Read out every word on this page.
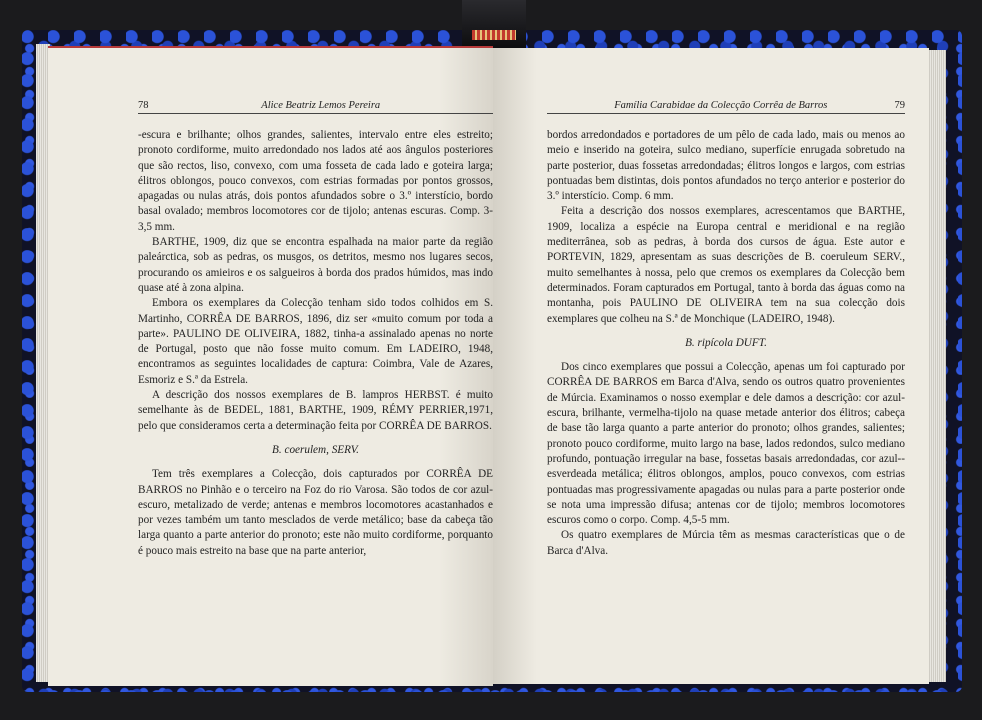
78	Alice Beatriz Lemos Pereira

-escura e brilhante; olhos grandes, salientes, intervalo entre eles estreito; pronoto cordiforme, muito arredondado nos lados até aos ângulos posteriores que são rectos, liso, convexo, com uma fosseta de cada lado e goteira larga; élitros oblongos, pouco convexos, com estrias formadas por pontos grossos, apagadas ou nulas atrás, dois pontos afundados sobre o 3.º interstício, bordo basal ovalado; membros locomotores cor de tijolo; antenas escuras. Comp. 3-3,5 mm.

BARTHE, 1909, diz que se encontra espalhada na maior parte da região paleárctica, sob as pedras, os musgos, os detritos, mesmo nos lugares secos, procurando os amieiros e os salgueiros à borda dos prados húmidos, mas indo quase até à zona alpina.

Embora os exemplares da Colecção tenham sido todos colhidos em S. Martinho, CORRÊA DE BARROS, 1896, diz ser «muito comum por toda a parte». PAULINO DE OLIVEIRA, 1882, tinha-a assinalado apenas no norte de Portugal, posto que não fosse muito comum. Em LADEIRO, 1948, encontramos as seguintes localidades de captura: Coimbra, Vale de Azares, Esmoriz e S.ª da Estrela.

A descrição dos nossos exemplares de B. lampros HERBST. é muito semelhante às de BEDEL, 1881, BARTHE, 1909, RÉMY PERRIER,1971, pelo que consideramos certa a determinação feita por CORRÊA DE BARROS.

B. coerulem, SERV.

Tem três exemplares a Colecção, dois capturados por CORRÊA DE BARROS no Pinhão e o terceiro na Foz do rio Varosa. São todos de cor azul-escuro, metalizado de verde; antenas e membros locomotores acastanhados e por vezes também um tanto mesclados de verde metálico; base da cabeça tão larga quanto a parte anterior do pronoto; este não muito cordiforme, porquanto é pouco mais estreito na base que na parte anterior,

Família Carabidae da Colecção Corrêa de Barros	79

bordos arredondados e portadores de um pêlo de cada lado, mais ou menos ao meio e inserido na goteira, sulco mediano, superfície enrugada sobretudo na parte posterior, duas fossetas arredondadas; élitros longos e largos, com estrias pontuadas bem distintas, dois pontos afundados no terço anterior e posterior do 3.º interstício. Comp. 6 mm.

Feita a descrição dos nossos exemplares, acrescentamos que BARTHE, 1909, localiza a espécie na Europa central e meridional e na região mediterrânea, sob as pedras, à borda dos cursos de água. Este autor e PORTEVIN, 1829, apresentam as suas descrições de B. coeruleum SERV., muito semelhantes à nossa, pelo que cremos os exemplares da Colecção bem determinados. Foram capturados em Portugal, tanto à borda das águas como na montanha, pois PAULINO DE OLIVEIRA tem na sua colecção dois exemplares que colheu na S.ª de Monchique (LADEIRO, 1948).

B. ripícola DUFT.

Dos cinco exemplares que possui a Colecção, apenas um foi capturado por CORRÊA DE BARROS em Barca d'Alva, sendo os outros quatro provenientes de Múrcia. Examinamos o nosso exemplar e dele damos a descrição: cor azul-escura, brilhante, vermelha-tijolo na quase metade anterior dos élitros; cabeça de base tão larga quanto a parte anterior do pronoto; olhos grandes, salientes; pronoto pouco cordiforme, muito largo na base, lados redondos, sulco mediano profundo, pontuação irregular na base, fossetas basais arredondadas, cor azul--esverdeada metálica; élitros oblongos, amplos, pouco convexos, com estrias pontuadas mas progressivamente apagadas ou nulas para a parte posterior onde se nota uma impressão difusa; antenas cor de tijolo; membros locomotores escuros como o corpo. Comp. 4,5-5 mm.

Os quatro exemplares de Múrcia têm as mesmas características que o de Barca d'Alva.
